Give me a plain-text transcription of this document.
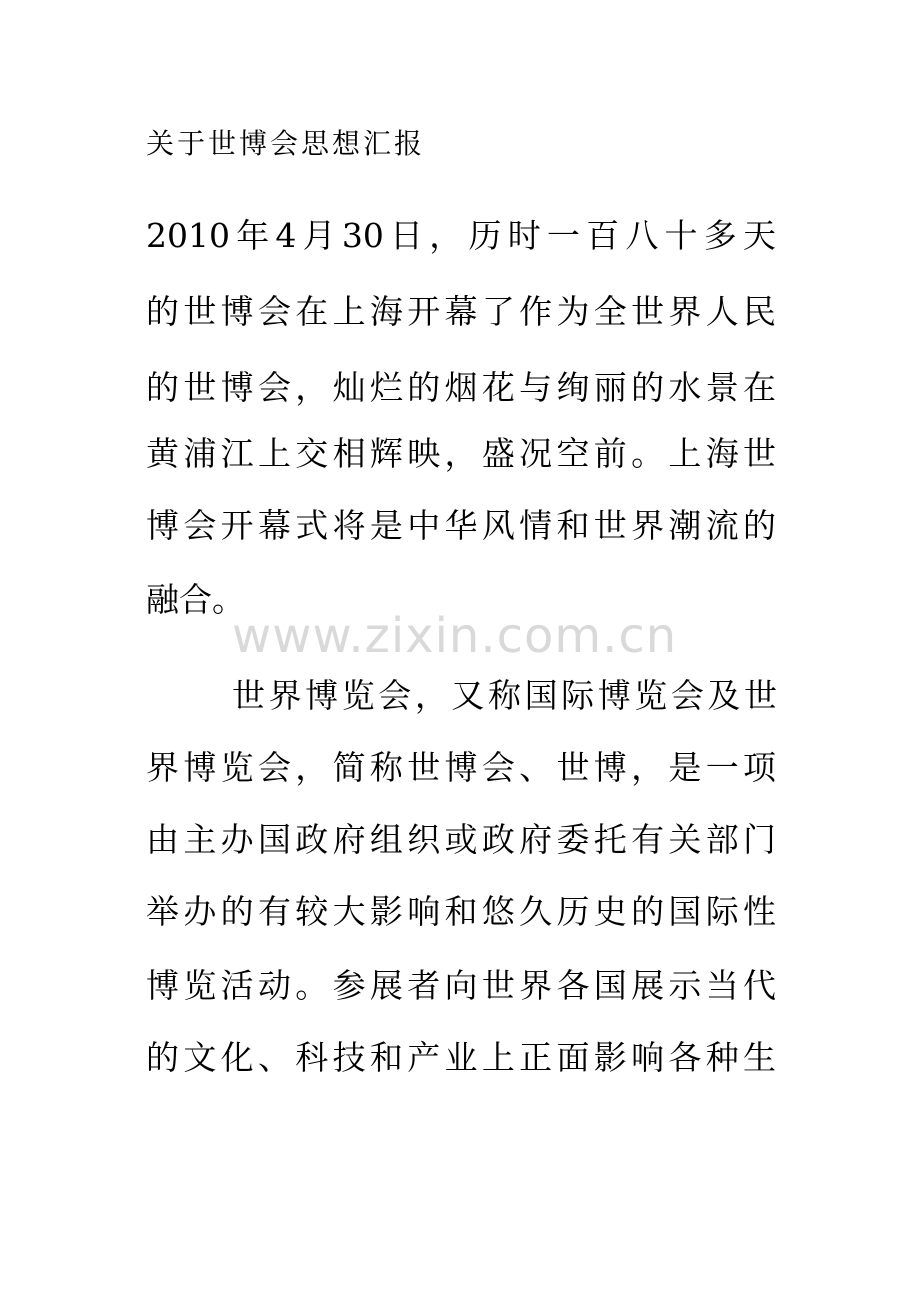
关于世博会思想汇报
2010年4月30日，历时一百八十多天
的世博会在上海开幕了作为全世界人民
的世博会，灿烂的烟花与绚丽的水景在
黄浦江上交相辉映，盛况空前。上海世
博会开幕式将是中华风情和世界潮流的
融合。
www.zixin.com.cn
世界博览会，又称国际博览会及世
界博览会，简称世博会、世博，是一项
由主办国政府组织或政府委托有关部门
举办的有较大影响和悠久历史的国际性
博览活动。参展者向世界各国展示当代
的文化、科技和产业上正面影响各种生
